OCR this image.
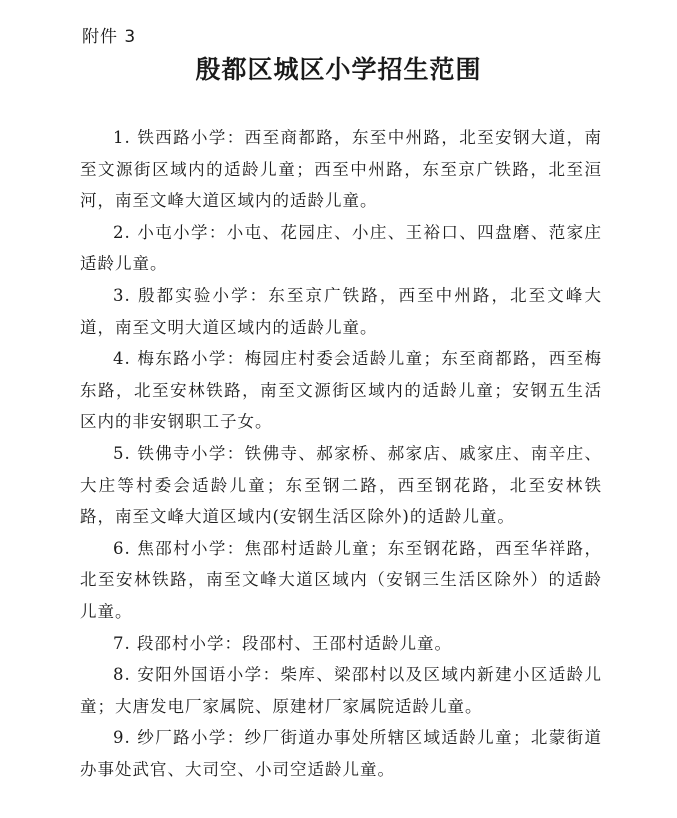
附件 3
殷都区城区小学招生范围

1. 铁西路小学：西至商都路，东至中州路，北至安钢大道，南至文源街区域内的适龄儿童；西至中州路，东至京广铁路，北至洹河，南至文峰大道区域内的适龄儿童。

2. 小屯小学：小屯、花园庄、小庄、王裕口、四盘磨、范家庄适龄儿童。

3. 殷都实验小学：东至京广铁路，西至中州路，北至文峰大道，南至文明大道区域内的适龄儿童。

4. 梅东路小学：梅园庄村委会适龄儿童；东至商都路，西至梅东路，北至安林铁路，南至文源街区域内的适龄儿童；安钢五生活区内的非安钢职工子女。

5. 铁佛寺小学：铁佛寺、郝家桥、郝家店、戚家庄、南辛庄、大庄等村委会适龄儿童；东至钢二路，西至钢花路，北至安林铁路，南至文峰大道区域内(安钢生活区除外)的适龄儿童。

6. 焦邵村小学：焦邵村适龄儿童；东至钢花路，西至华祥路，北至安林铁路，南至文峰大道区域内（安钢三生活区除外）的适龄儿童。

7. 段邵村小学：段邵村、王邵村适龄儿童。

8. 安阳外国语小学：柴库、梁邵村以及区域内新建小区适龄儿童；大唐发电厂家属院、原建材厂家属院适龄儿童。

9. 纱厂路小学：纱厂街道办事处所辖区域适龄儿童；北蒙街道办事处武官、大司空、小司空适龄儿童。
